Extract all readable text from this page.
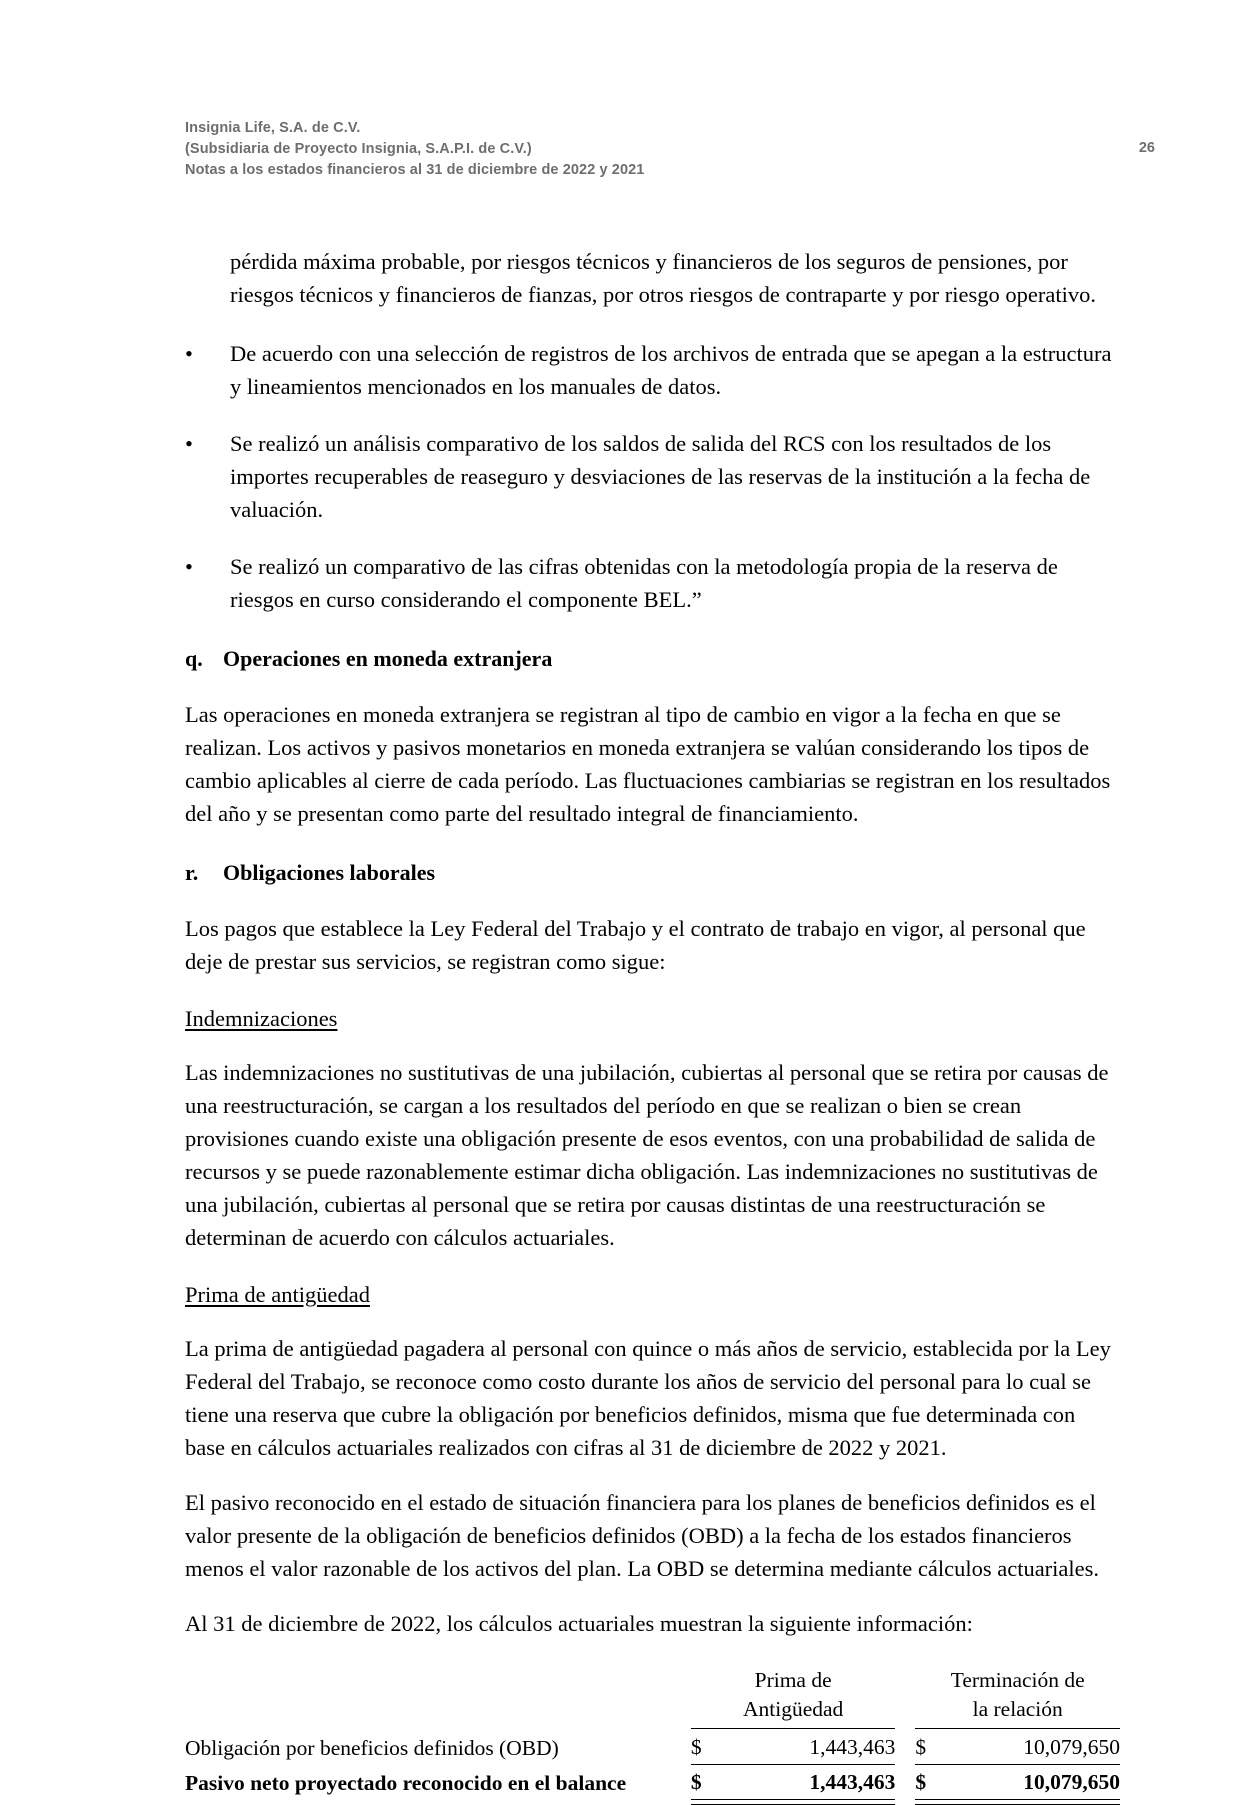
Insignia Life, S.A. de C.V.
(Subsidiaria de Proyecto Insignia, S.A.P.I. de C.V.)
Notas a los estados financieros al 31 de diciembre de 2022 y 2021
26
pérdida máxima probable, por riesgos técnicos y financieros de los seguros de pensiones, por riesgos técnicos y financieros de fianzas, por otros riesgos de contraparte y por riesgo operativo.
• De acuerdo con una selección de registros de los archivos de entrada que se apegan a la estructura y lineamientos mencionados en los manuales de datos.
• Se realizó un análisis comparativo de los saldos de salida del RCS con los resultados de los importes recuperables de reaseguro y desviaciones de las reservas de la institución a la fecha de valuación.
• Se realizó un comparativo de las cifras obtenidas con la metodología propia de la reserva de riesgos en curso considerando el componente BEL.”
q. Operaciones en moneda extranjera

Las operaciones en moneda extranjera se registran al tipo de cambio en vigor a la fecha en que se realizan. Los activos y pasivos monetarios en moneda extranjera se valúan considerando los tipos de cambio aplicables al cierre de cada período. Las fluctuaciones cambiarias se registran en los resultados del año y se presentan como parte del resultado integral de financiamiento.

r. Obligaciones laborales

Los pagos que establece la Ley Federal del Trabajo y el contrato de trabajo en vigor, al personal que deje de prestar sus servicios, se registran como sigue:

Indemnizaciones

Las indemnizaciones no sustitutivas de una jubilación, cubiertas al personal que se retira por causas de una reestructuración, se cargan a los resultados del período en que se realizan o bien se crean provisiones cuando existe una obligación presente de esos eventos, con una probabilidad de salida de recursos y se puede razonablemente estimar dicha obligación. Las indemnizaciones no sustitutivas de una jubilación, cubiertas al personal que se retira por causas distintas de una reestructuración se determinan de acuerdo con cálculos actuariales.

Prima de antigüedad

La prima de antigüedad pagadera al personal con quince o más años de servicio, establecida por la Ley Federal del Trabajo, se reconoce como costo durante los años de servicio del personal para lo cual se tiene una reserva que cubre la obligación por beneficios definidos, misma que fue determinada con base en cálculos actuariales realizados con cifras al 31 de diciembre de 2022 y 2021.

El pasivo reconocido en el estado de situación financiera para los planes de beneficios definidos es el valor presente de la obligación de beneficios definidos (OBD) a la fecha de los estados financieros menos el valor razonable de los activos del plan. La OBD se determina mediante cálculos actuariales.

Al 31 de diciembre de 2022, los cálculos actuariales muestran la siguiente información:

	Prima de			Terminación de	
	Antigüedad			la relación	

Obligación por beneficios definidos (OBD)	$	1,443,463		$	10,079,650
Pasivo neto proyectado reconocido en el balance	$	1,443,463		$	10,079,650
